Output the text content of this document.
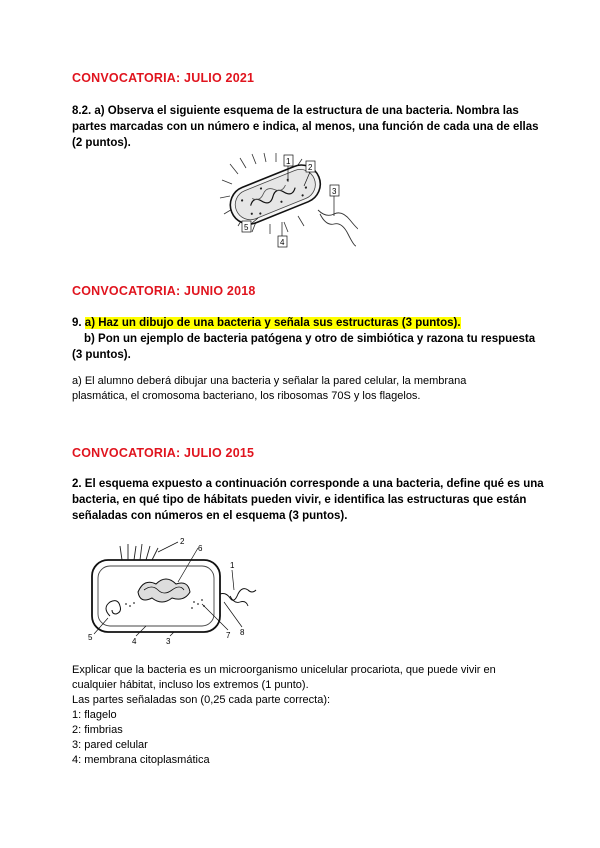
CONVOCATORIA: JULIO 2021
8.2. a) Observa el siguiente esquema de la estructura de una bacteria. Nombra las
partes marcadas con un número e indica, al menos, una función de cada una de ellas
(2 puntos).
1
2
3
4
5
CONVOCATORIA: JUNIO 2018
9. a) Haz un dibujo de una bacteria y señala sus estructuras (3 puntos).
b) Pon un ejemplo de bacteria patógena y otro de simbiótica y razona tu respuesta
(3 puntos).
a) El alumno deberá dibujar una bacteria y señalar la pared celular, la membrana
plasmática, el cromosoma bacteriano, los ribosomas 70S y los flagelos.
CONVOCATORIA: JULIO 2015
2. El esquema expuesto a continuación corresponde a una bacteria, define qué es una
bacteria, en qué tipo de hábitats pueden vivir, e identifica las estructuras que están
señaladas con números en el esquema (3 puntos).
2
6
1
5	4	3
7 8
Explicar que la bacteria es un microorganismo unicelular procariota, que puede vivir en
cualquier hábitat, incluso los extremos (1 punto).
Las partes señaladas son (0,25 cada parte correcta):
1: flagelo
2: fimbrias
3: pared celular
4: membrana citoplasmática
